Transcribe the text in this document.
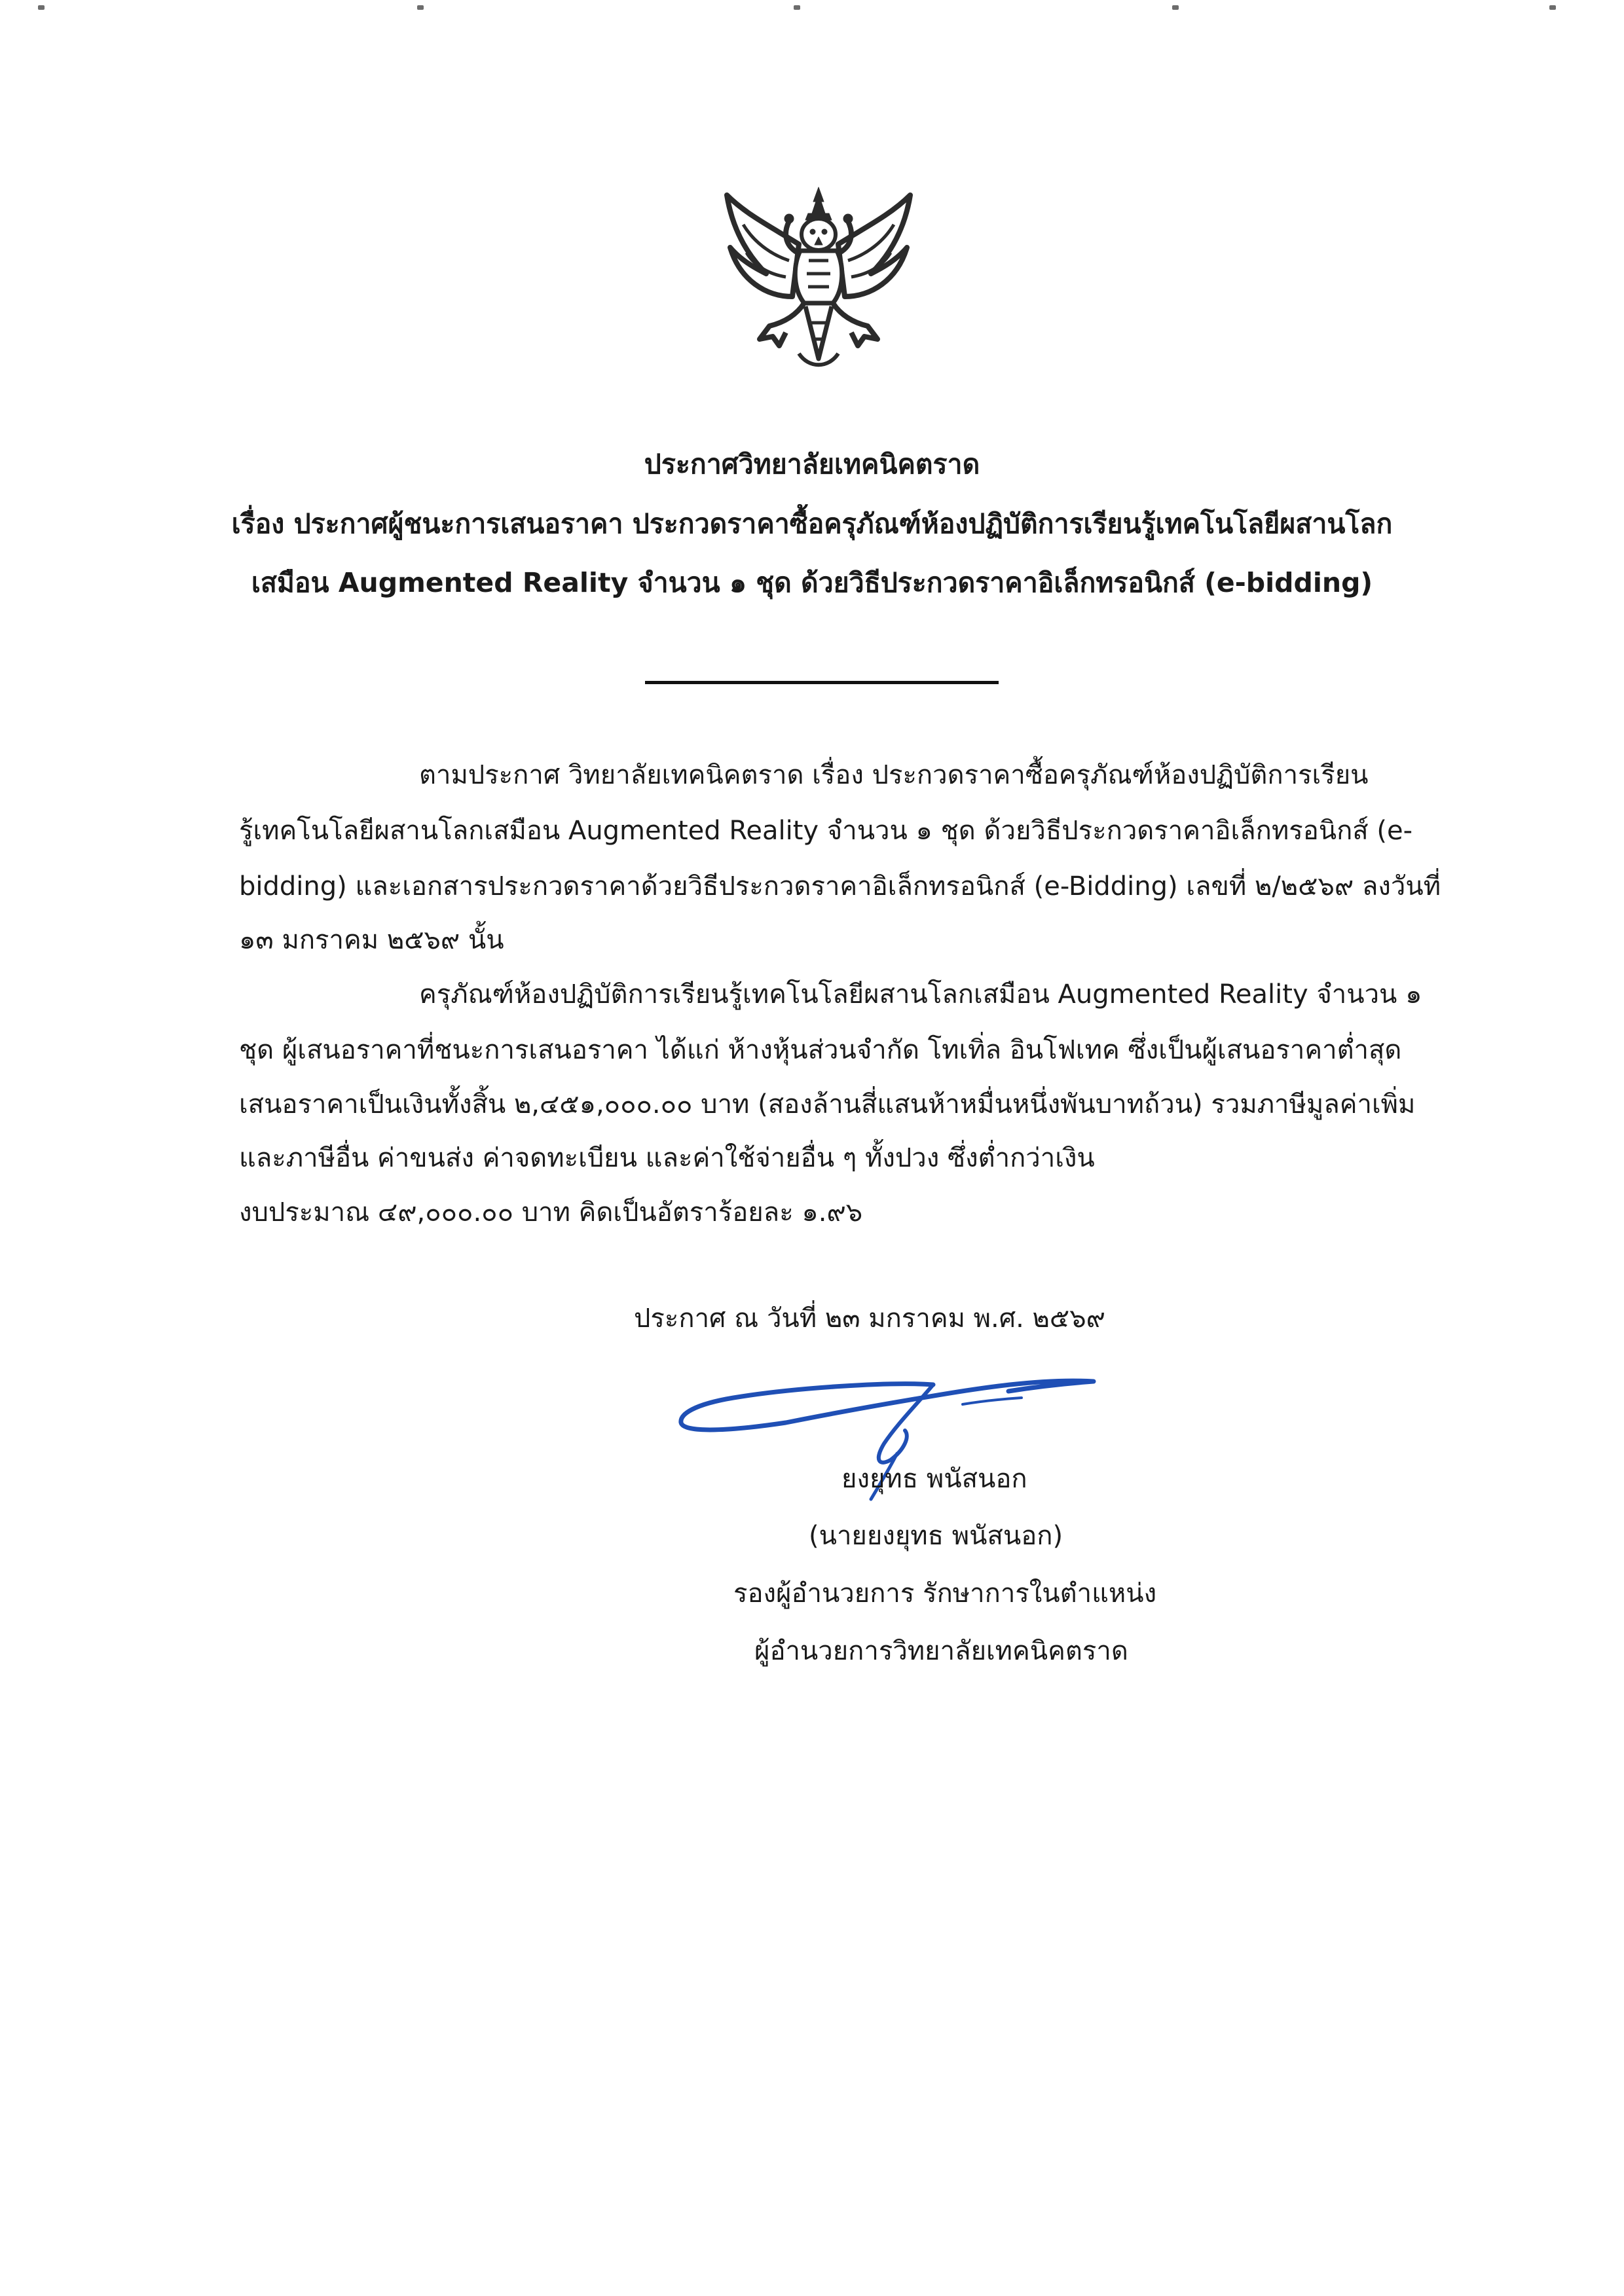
ประกาศวิทยาลัยเทคนิคตราด
เรื่อง ประกาศผู้ชนะการเสนอราคา ประกวดราคาซื้อครุภัณฑ์ห้องปฏิบัติการเรียนรู้เทคโนโลยีผสานโลก
เสมือน Augmented Reality จำนวน ๑ ชุด ด้วยวิธีประกวดราคาอิเล็กทรอนิกส์ (e-bidding)
ตามประกาศ วิทยาลัยเทคนิคตราด เรื่อง ประกวดราคาซื้อครุภัณฑ์ห้องปฏิบัติการเรียน
รู้เทคโนโลยีผสานโลกเสมือน Augmented Reality จำนวน ๑ ชุด ด้วยวิธีประกวดราคาอิเล็กทรอนิกส์ (e-
bidding) และเอกสารประกวดราคาด้วยวิธีประกวดราคาอิเล็กทรอนิกส์ (e-Bidding) เลขที่ ๒/๒๕๖๙ ลงวันที่
๑๓ มกราคม ๒๕๖๙ นั้น
ครุภัณฑ์ห้องปฏิบัติการเรียนรู้เทคโนโลยีผสานโลกเสมือน Augmented Reality จำนวน ๑
ชุด ผู้เสนอราคาที่ชนะการเสนอราคา ได้แก่ ห้างหุ้นส่วนจำกัด โทเทิ่ล อินโฟเทค ซึ่งเป็นผู้เสนอราคาต่ำสุด
เสนอราคาเป็นเงินทั้งสิ้น ๒,๔๕๑,๐๐๐.๐๐ บาท (สองล้านสี่แสนห้าหมื่นหนึ่งพันบาทถ้วน) รวมภาษีมูลค่าเพิ่ม
และภาษีอื่น ค่าขนส่ง ค่าจดทะเบียน และค่าใช้จ่ายอื่น ๆ ทั้งปวง ซึ่งต่ำกว่าเงิน
งบประมาณ ๔๙,๐๐๐.๐๐ บาท คิดเป็นอัตราร้อยละ ๑.๙๖
ประกาศ ณ วันที่ ๒๓ มกราคม พ.ศ. ๒๕๖๙
ยงยุทธ พนัสนอก
(นายยงยุทธ พนัสนอก)
รองผู้อำนวยการ รักษาการในตำแหน่ง
ผู้อำนวยการวิทยาลัยเทคนิคตราด
